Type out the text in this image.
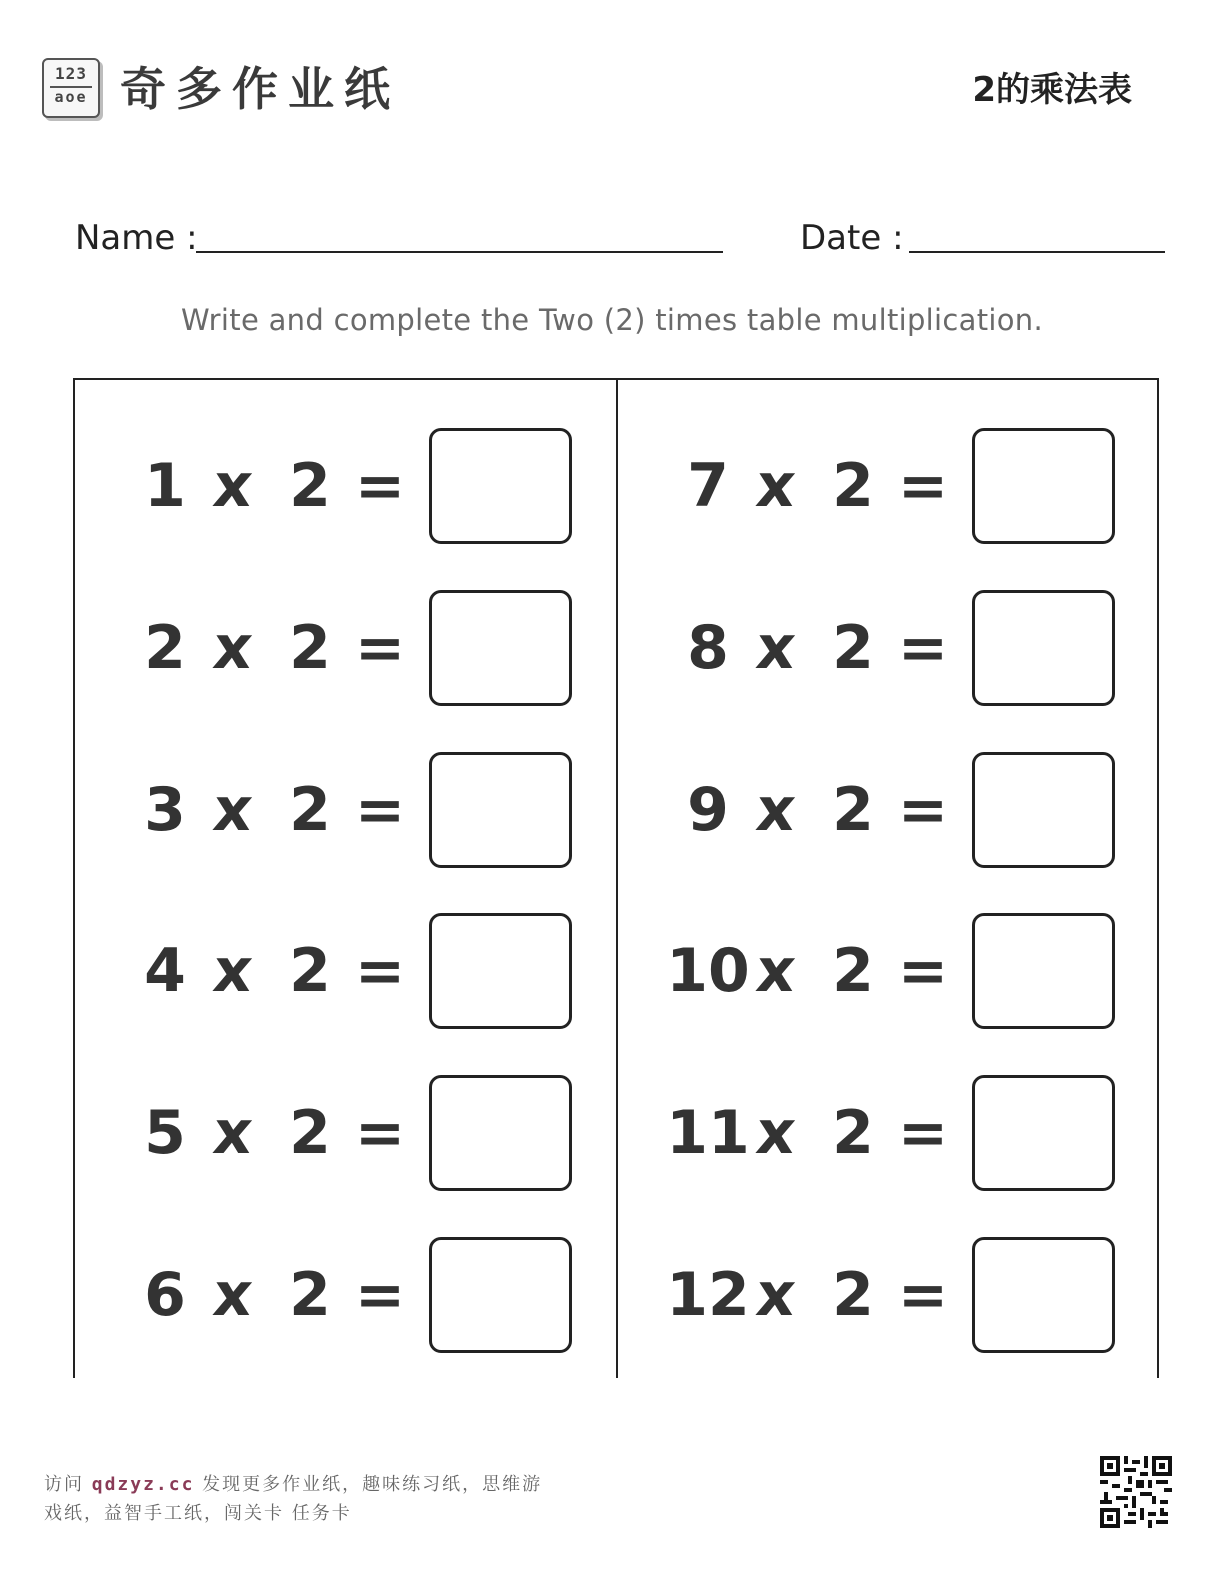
123
aoe 奇多作业纸	2的乘法表
Name :	Date :
Write and complete the Two (2) times table multiplication.
1 x 2 =
2 x 2 =
3 x 2 =
4 x 2 =
5 x 2 =
6 x 2 =
7 x 2 =
8 x 2 =
9 x 2 =
10 x 2 =
11 x 2 =
12 x 2 =
访问 qdzyz.cc 发现更多作业纸，趣味练习纸，思维游
戏纸，益智手工纸，闯关卡 任务卡
